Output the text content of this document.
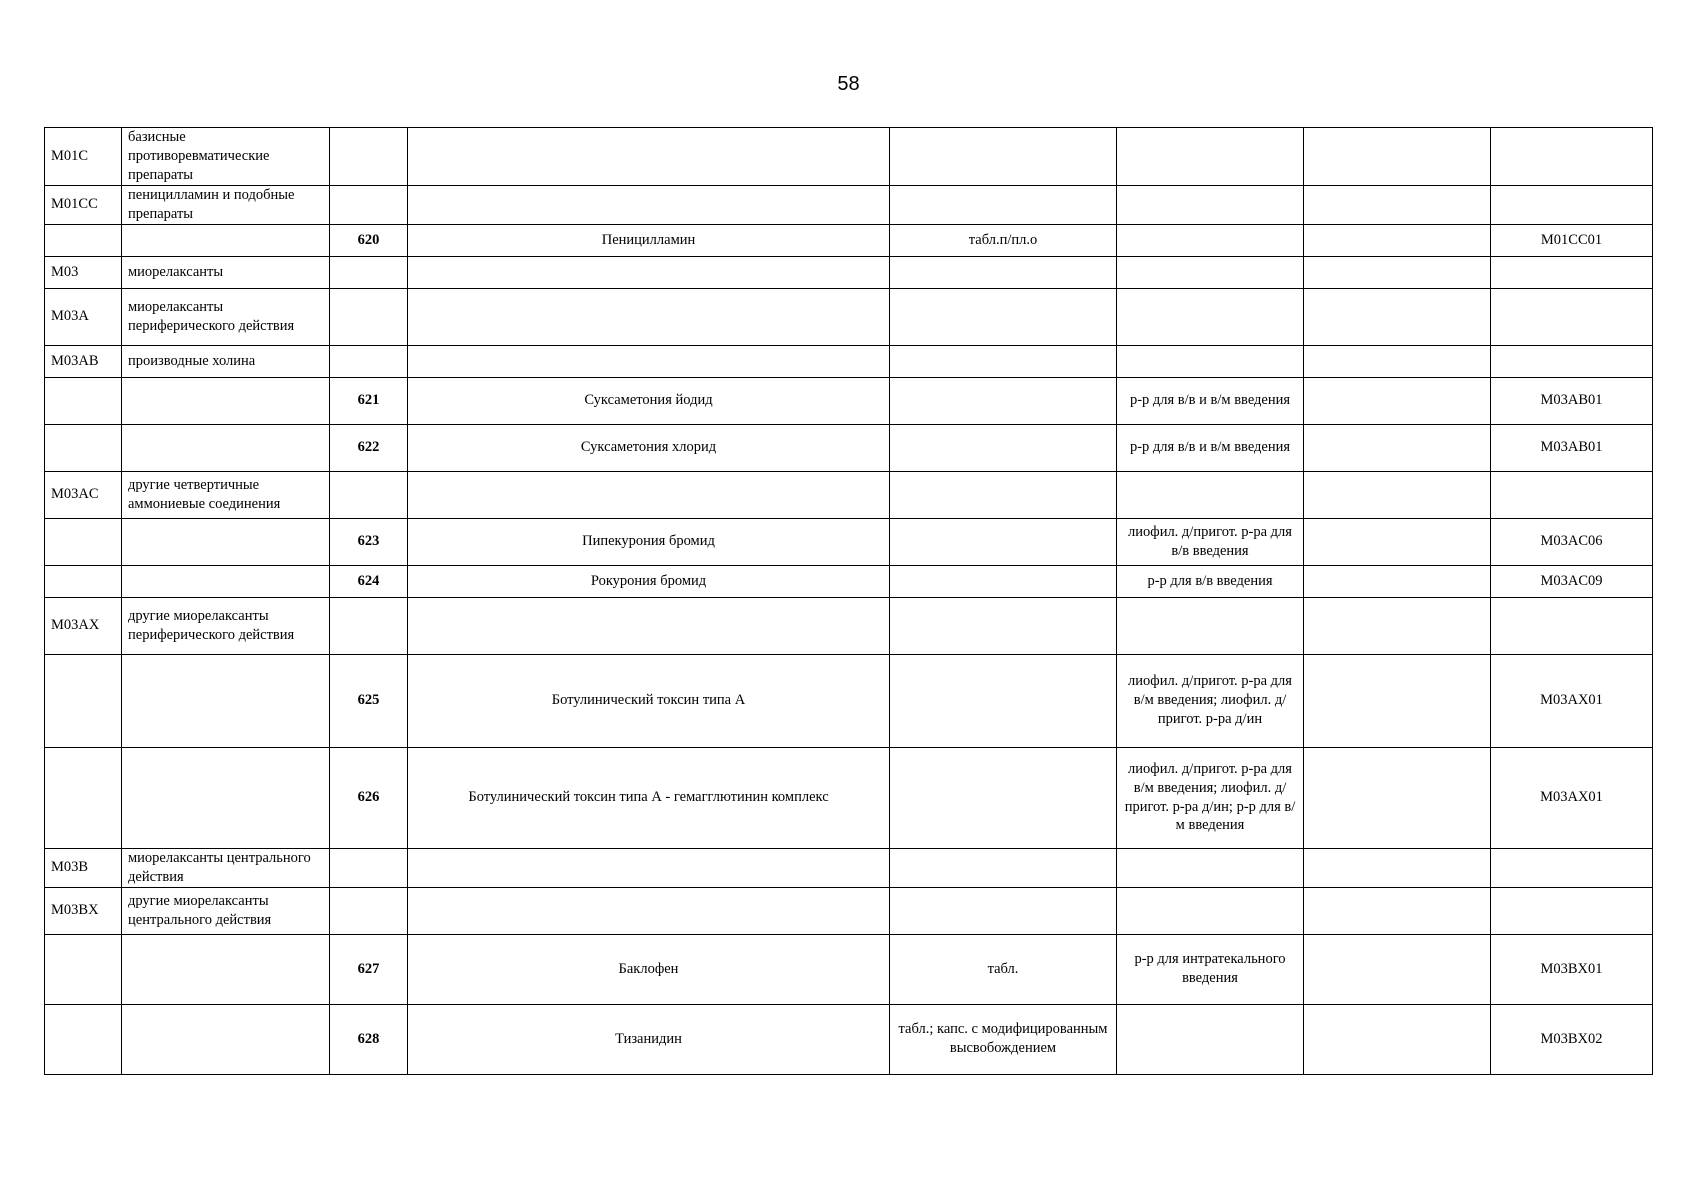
58
M01C	базисные противоревматические препараты						
M01CC	пеницилламин и подобные препараты						
		620	Пеницилламин	табл.п/пл.о			M01CC01
M03	миорелаксанты						
M03A	миорелаксанты периферического действия						
M03AB	производные холина						
		621	Суксаметония йодид		р-р для в/в и в/м введения		M03AB01
		622	Суксаметония хлорид		р-р для в/в и в/м введения		M03AB01
M03AC	другие четвертичные аммониевые соединения						
		623	Пипекурония бромид		лиофил. д/пригот. р-ра для в/в введения		M03AC06
		624	Рокурония бромид		р-р для в/в введения		M03AC09
M03AX	другие миорелаксанты периферического действия						
		625	Ботулинический токсин типа А		лиофил. д/пригот. р-ра для в/м введения; лиофил. д/пригот. р-ра д/ин		M03AX01
		626	Ботулинический токсин типа А - гемагглютинин комплекс		лиофил. д/пригот. р-ра для в/м введения; лиофил. д/пригот. р-ра д/ин; р-р для в/м введения		M03AX01
M03B	миорелаксанты центрального действия						
M03BX	другие миорелаксанты центрального действия						
		627	Баклофен	табл.	р-р для интратекального введения		M03BX01
		628	Тизанидин	табл.; капс. с модифицированным высвобождением			M03BX02
